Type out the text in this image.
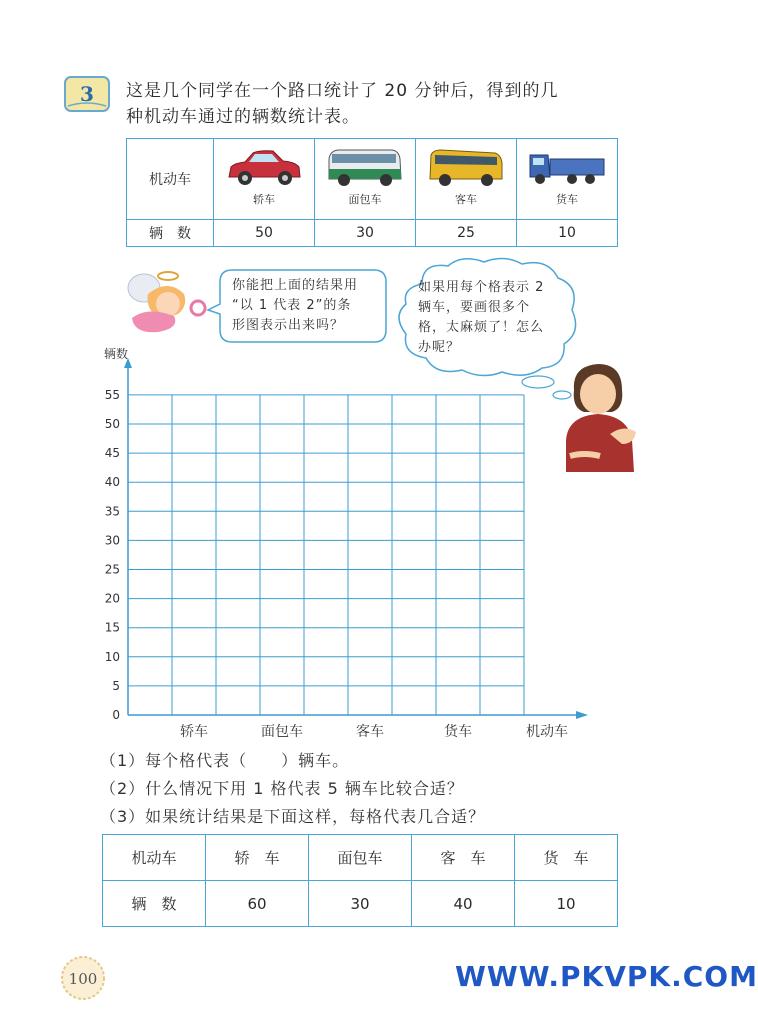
3 这是几个同学在一个路口统计了 20 分钟后，得到的几
种机动车通过的辆数统计表。
机动车	轿车	面包车	客车	货车

辆　数	50	30	25	10
你能把上面的结果用
“以 1 代表 2”的条
形图表示出来吗？
如果用每个格表示 2
辆车，要画很多个
格，太麻烦了！怎么
办呢？
0
5
10
15
20
25
30
35
40
45
50
55
轿车	面包车	客车	货车
辆数
机动车
（1）每个格代表（　　）辆车。
（2）什么情况下用 1 格代表 5 辆车比较合适？
（3）如果统计结果是下面这样，每格代表几合适？
机动车	轿　车	面包车	客　车	货　车
辆　数	60	30	40	10
100	WWW.PKVPK.COM
